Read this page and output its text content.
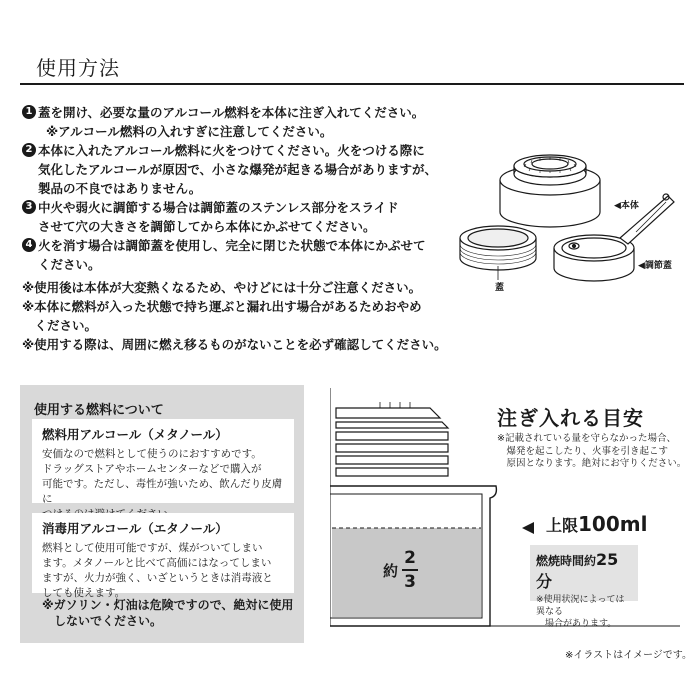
使用方法
1 蓋を開け、必要な量のアルコール燃料を本体に注ぎ入れてください。
※アルコール燃料の入れすぎに注意してください。
2 本体に入れたアルコール燃料に火をつけてください。火をつける際に
気化したアルコールが原因で、小さな爆発が起きる場合がありますが、
製品の不良ではありません。
3 中火や弱火に調節する場合は調節蓋のステンレス部分をスライド
させて穴の大きさを調節してから本体にかぶせてください。
4 火を消す場合は調節蓋を使用し、完全に閉じた状態で本体にかぶせて
ください。
※使用後は本体が大変熱くなるため、やけどには十分ご注意ください。
※本体に燃料が入った状態で持ち運ぶと漏れ出す場合があるためおやめ
　ください。
※使用する際は、周囲に燃え移るものがないことを必ず確認してください。
◀本体
◀調節蓋
蓋
使用する燃料について
燃料用アルコール（メタノール）
安価なので燃料として使うのにおすすめです。
ドラッグストアやホームセンターなどで購入が
可能です。ただし、毒性が強いため、飲んだり皮膚に

消毒用アルコール（エタノール）
燃料として使用可能ですが、煤がついてしまい
ます。メタノールと比べて高価にはなってしまい
ますが、火力が強く、いざというときは消毒液と
しても使えます。
※ガソリン・灯油は危険ですので、絶対に使用
　しないでください。
注ぎ入れる目安
※記載されている量を守らなかった場合、
　爆発を起こしたり、火事を引き起こす
　原因となります。絶対にお守りください。
上限100ml
約 $\frac{2}{3}$	燃焼時間約25分
※使用状況によっては異なる
　場合があります。
※イラストはイメージです。
